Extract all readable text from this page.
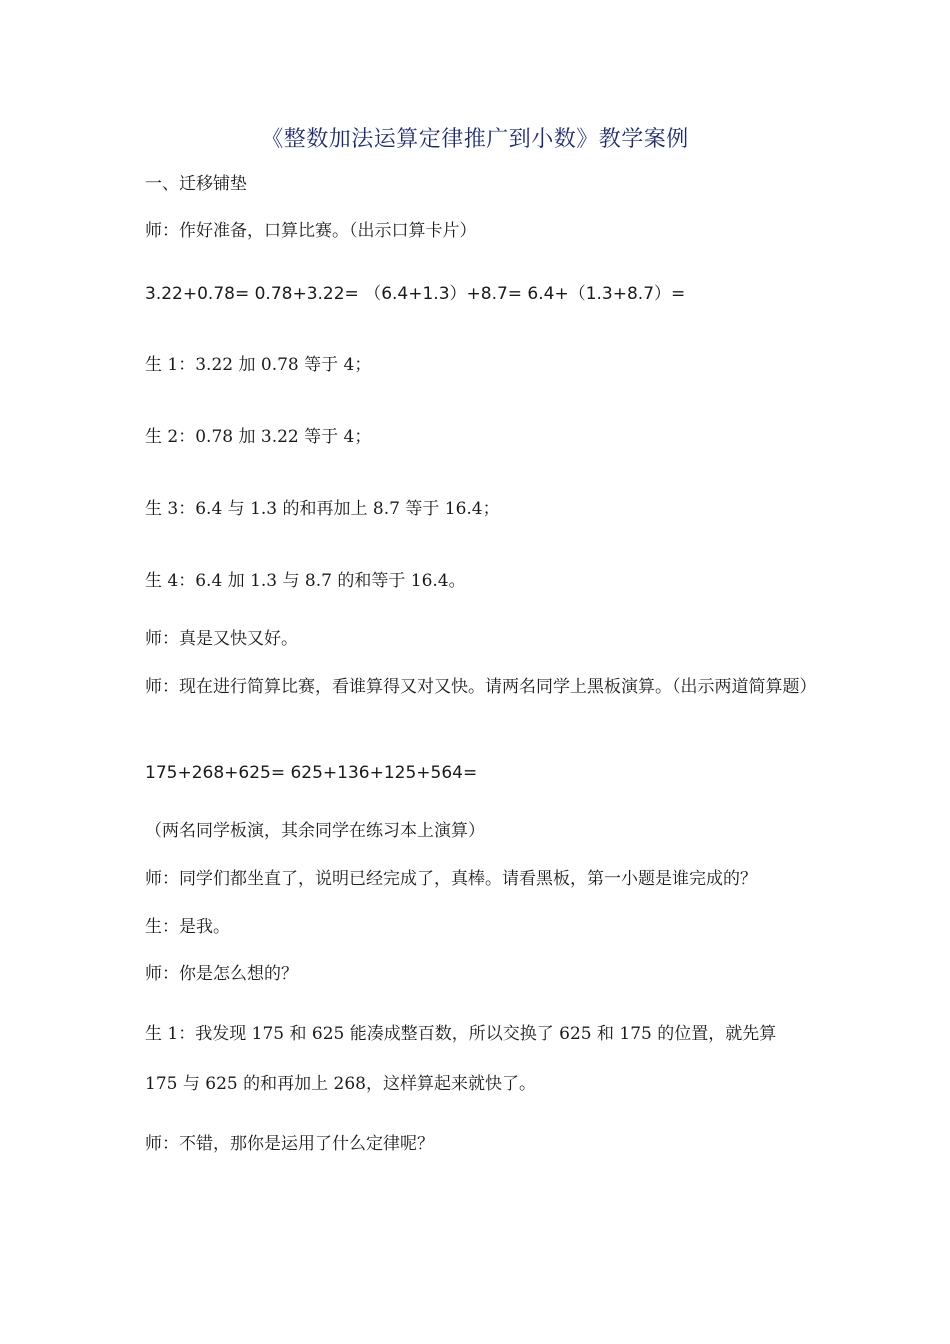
《整数加法运算定律推广到小数》教学案例
一、迁移铺垫
师：作好准备，口算比赛。（出示口算卡片）
3.22+0.78= 0.78+3.22= （6.4+1.3）+8.7= 6.4+（1.3+8.7）=
生 1：3.22 加 0.78 等于 4；
生 2：0.78 加 3.22 等于 4；
生 3：6.4 与 1.3 的和再加上 8.7 等于 16.4；
生 4：6.4 加 1.3 与 8.7 的和等于 16.4。
师：真是又快又好。
师：现在进行简算比赛，看谁算得又对又快。请两名同学上黑板演算。（出示两道简算题）
175+268+625= 625+136+125+564=
（两名同学板演，其余同学在练习本上演算）
师：同学们都坐直了，说明已经完成了，真棒。请看黑板，第一小题是谁完成的？
生：是我。
师：你是怎么想的？
生 1：我发现 175 和 625 能凑成整百数，所以交换了 625 和 175 的位置，就先算
175 与 625 的和再加上 268，这样算起来就快了。
师：不错，那你是运用了什么定律呢？
